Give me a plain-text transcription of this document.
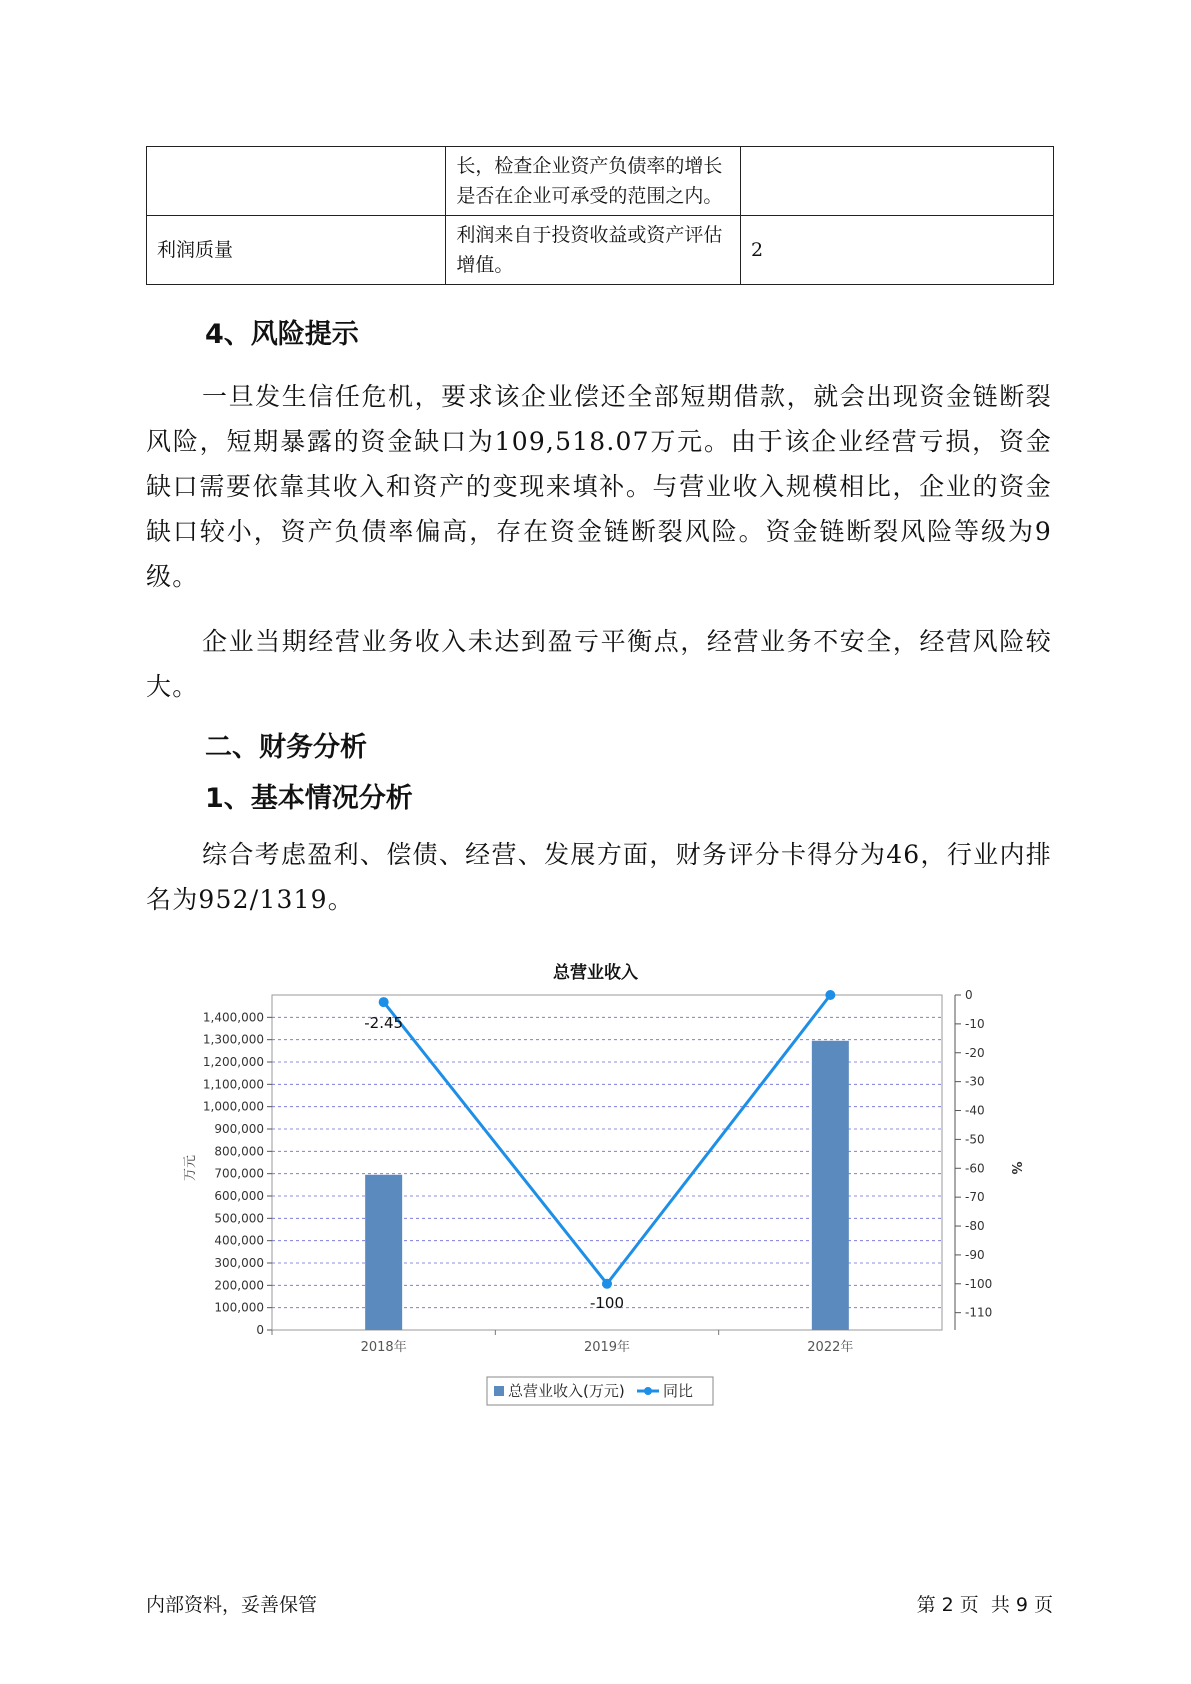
	长，检查企业资产负债率的增长是否在企业可承受的范围之内。	
利润质量	利润来自于投资收益或资产评估增值。	2
4、风险提示
一旦发生信任危机，要求该企业偿还全部短期借款，就会出现资金链断裂风险，短期暴露的资金缺口为109,518.07万元。由于该企业经营亏损，资金缺口需要依靠其收入和资产的变现来填补。与营业收入规模相比，企业的资金缺口较小，资产负债率偏高，存在资金链断裂风险。资金链断裂风险等级为9级。
企业当期经营业务收入未达到盈亏平衡点，经营业务不安全，经营风险较大。
二、财务分析
1、基本情况分析
综合考虑盈利、偿债、经营、发展方面，财务评分卡得分为46，行业内排名为952/1319。
总营业收入
0
100,000
200,000
300,000
400,000
500,000
600,000
700,000
800,000
900,000
1,000,000
1,100,000
1,200,000
1,300,000
1,400,000
0
-10
-20
-30
-40
-50
-60
-70
-80
-90
-100
-110
万元	%
2018年	2019年	2022年
-2.45
-100
总营业收入(万元)	同比
内部资料，妥善保管	第 2 页  共 9 页
